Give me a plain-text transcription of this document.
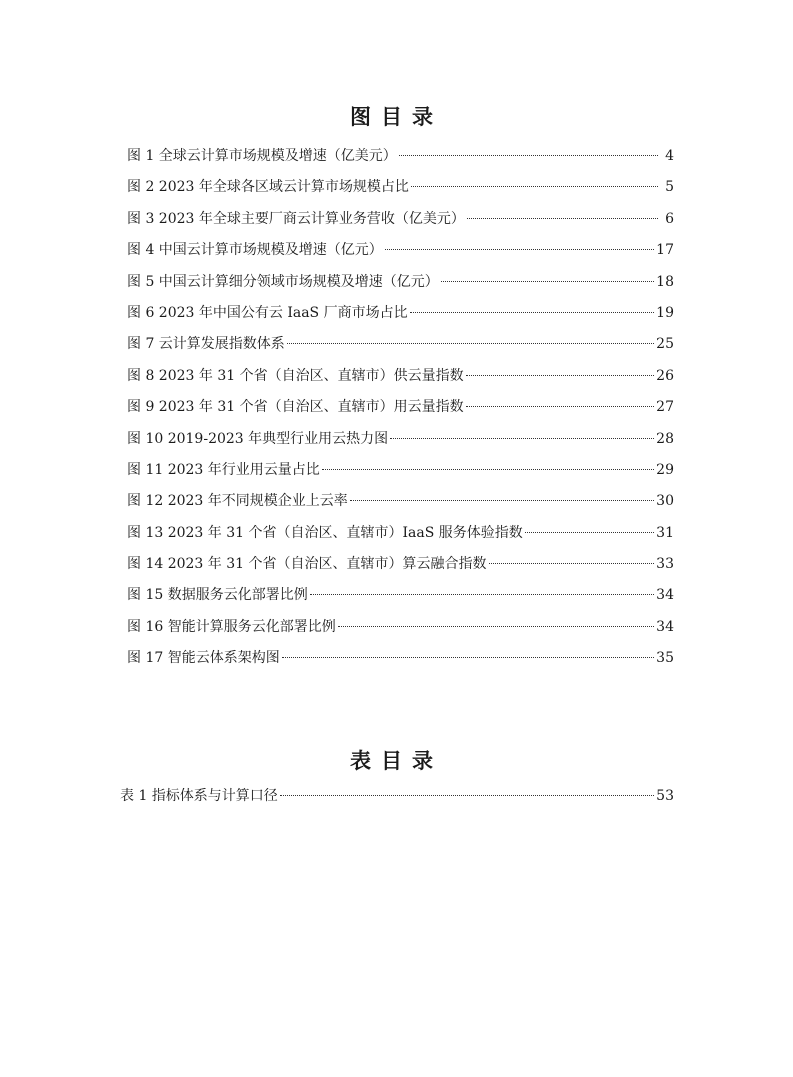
图目录
图 1 全球云计算市场规模及增速（亿美元）	4
图 2 2023 年全球各区域云计算市场规模占比	5
图 3 2023 年全球主要厂商云计算业务营收（亿美元）	6
图 4 中国云计算市场规模及增速（亿元）	17
图 5 中国云计算细分领域市场规模及增速（亿元）	18
图 6 2023 年中国公有云 IaaS 厂商市场占比	19
图 7 云计算发展指数体系	25
图 8 2023 年 31 个省（自治区、直辖市）供云量指数	26
图 9 2023 年 31 个省（自治区、直辖市）用云量指数	27
图 10 2019-2023 年典型行业用云热力图	28
图 11 2023 年行业用云量占比	29
图 12 2023 年不同规模企业上云率	30
图 13 2023 年 31 个省（自治区、直辖市）IaaS 服务体验指数	31
图 14 2023 年 31 个省（自治区、直辖市）算云融合指数	33
图 15 数据服务云化部署比例	34
图 16 智能计算服务云化部署比例	34
图 17 智能云体系架构图	35
表目录
表 1 指标体系与计算口径	53
